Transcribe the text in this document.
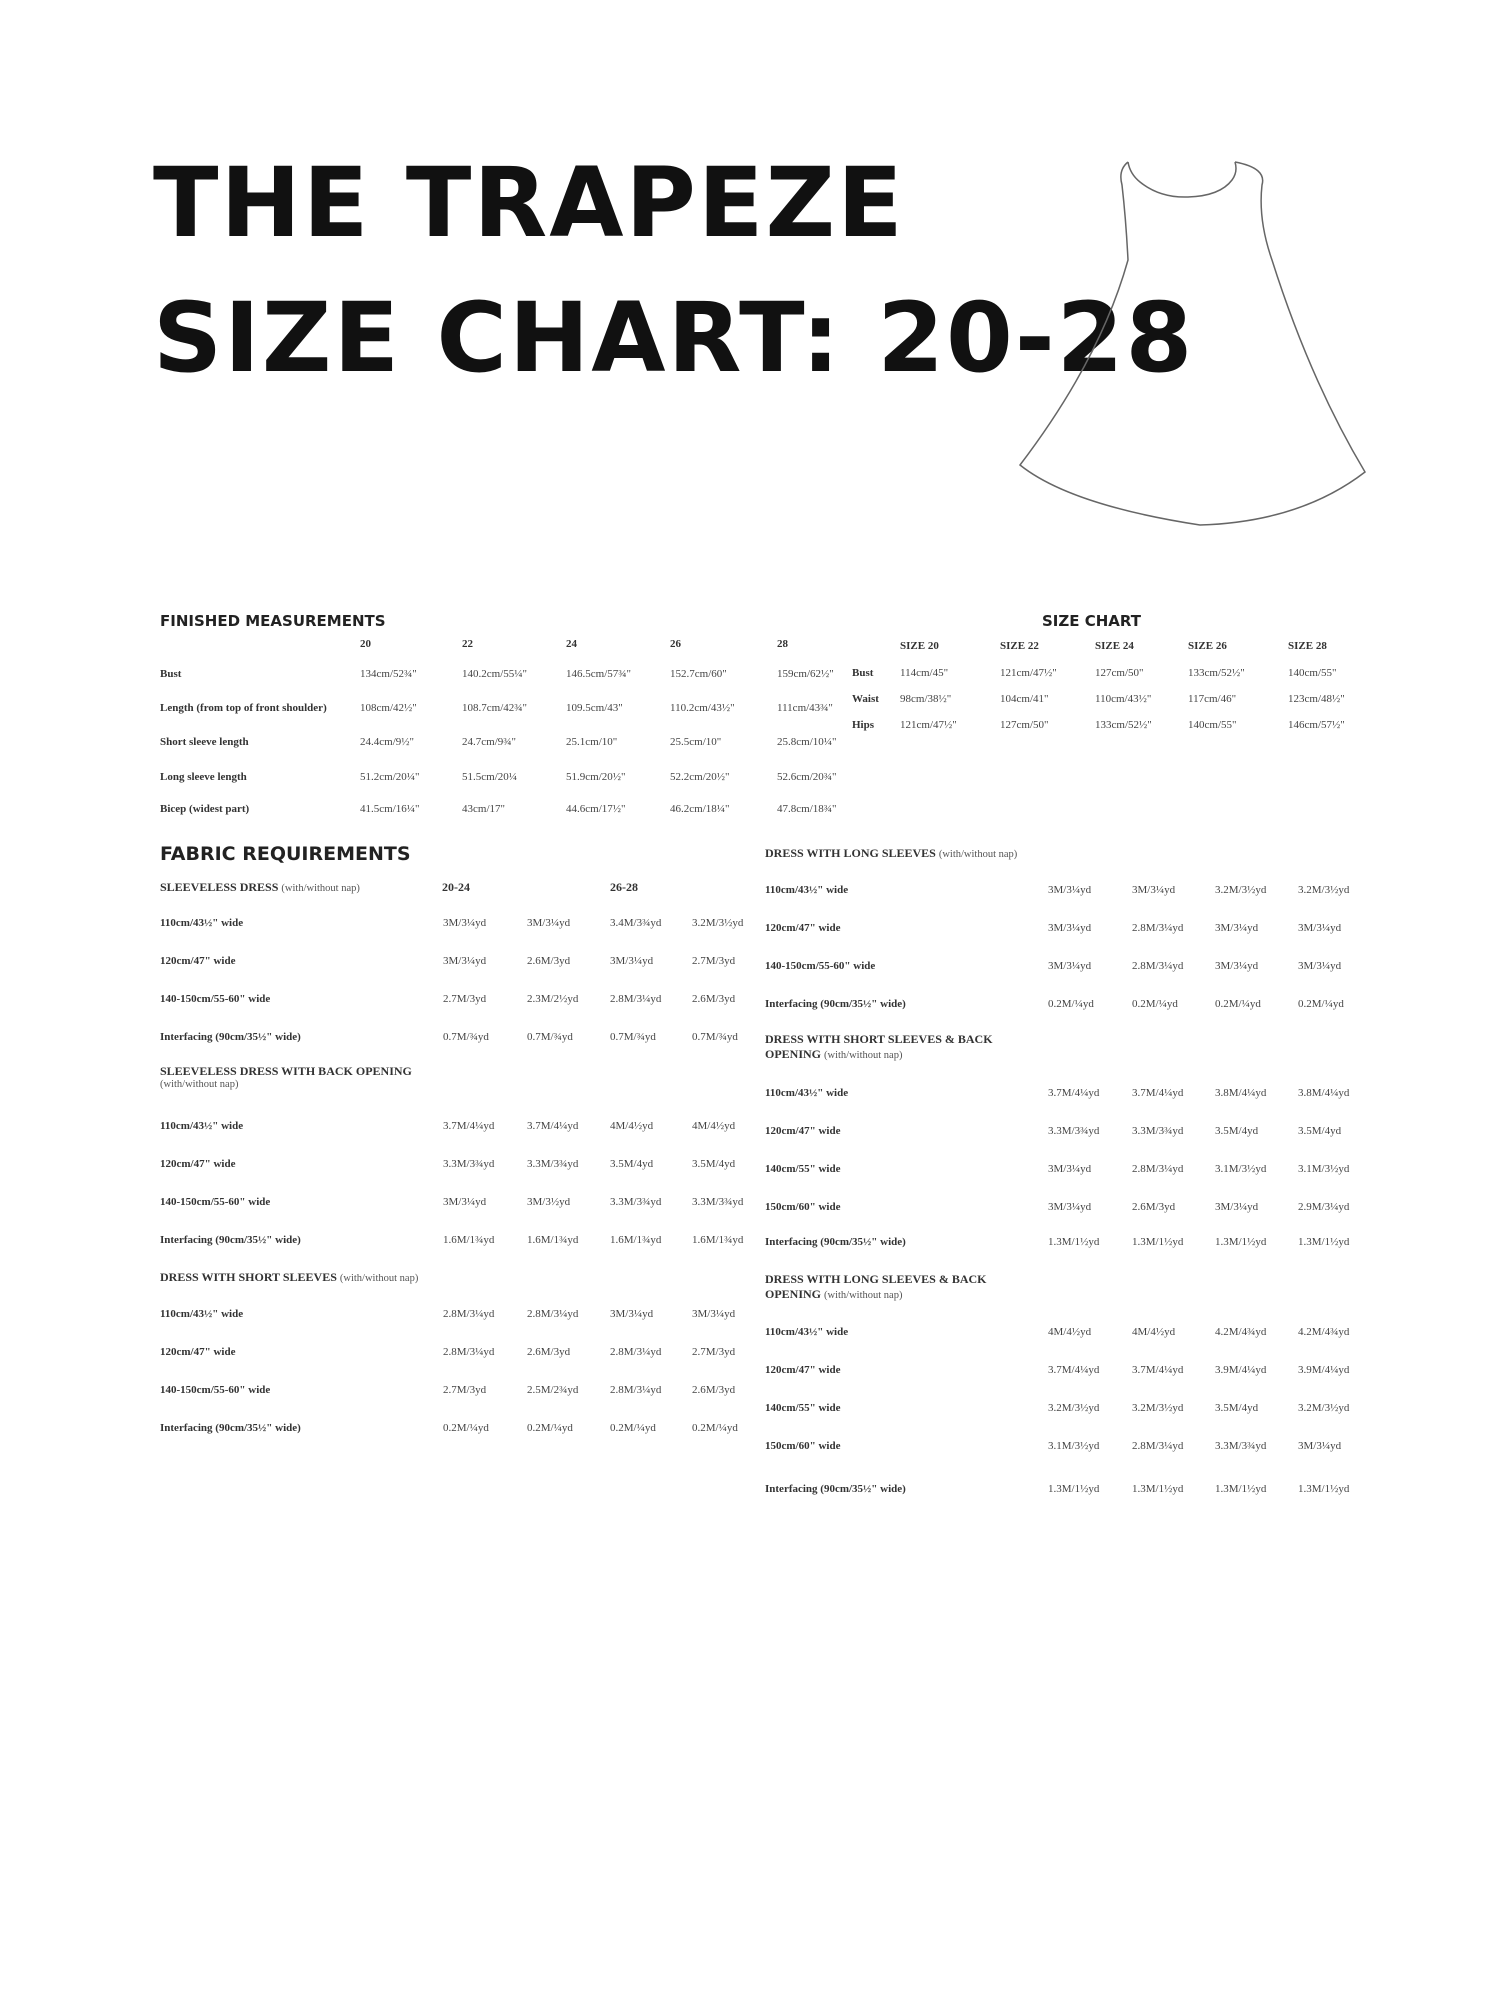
THE TRAPEZE
SIZE CHART: 20-28
FINISHED MEASUREMENTS
20	22	24	26	28
Bust	134cm/52¾"	140.2cm/55¼"	146.5cm/57¾"	152.7cm/60"	159cm/62½"
Length (from top of front shoulder)	108cm/42½"	108.7cm/42¾"	109.5cm/43"	110.2cm/43½"	111cm/43¾"
Short sleeve length	24.4cm/9½"	24.7cm/9¾"	25.1cm/10"	25.5cm/10"	25.8cm/10¼"
Long sleeve length	51.2cm/20¼"	51.5cm/20¼	51.9cm/20½"	52.2cm/20½"	52.6cm/20¾"
Bicep (widest part)	41.5cm/16¼"	43cm/17"	44.6cm/17½"	46.2cm/18¼"	47.8cm/18¾"
SIZE CHART
SIZE 20	SIZE 22	SIZE 24	SIZE 26	SIZE 28
Bust 114cm/45"	121cm/47½"	127cm/50"	133cm/52½"	140cm/55"
Waist 98cm/38½"	104cm/41"	110cm/43½"	117cm/46"	123cm/48½"
Hips 121cm/47½"	127cm/50"	133cm/52½"	140cm/55"	146cm/57½"
FABRIC REQUIREMENTS
SLEEVELESS DRESS (with/without nap)	20-24	26-28
110cm/43½" wide	3M/3¼yd	3M/3¼yd	3.4M/3¾yd	3.2M/3½yd
120cm/47" wide	3M/3¼yd	2.6M/3yd	3M/3¼yd	2.7M/3yd
140-150cm/55-60" wide	2.7M/3yd	2.3M/2½yd	2.8M/3¼yd	2.6M/3yd
Interfacing (90cm/35½" wide)	0.7M/¾yd	0.7M/¾yd	0.7M/¾yd	0.7M/¾yd
SLEEVELESS DRESS WITH BACK OPENING
(with/without nap)
110cm/43½" wide	3.7M/4¼yd	3.7M/4¼yd	4M/4½yd	4M/4½yd
120cm/47" wide	3.3M/3¾yd	3.3M/3¾yd	3.5M/4yd	3.5M/4yd
140-150cm/55-60" wide	3M/3¼yd	3M/3½yd	3.3M/3¾yd	3.3M/3¾yd
Interfacing (90cm/35½" wide)	1.6M/1¾yd	1.6M/1¾yd	1.6M/1¾yd	1.6M/1¾yd
DRESS WITH SHORT SLEEVES (with/without nap)
110cm/43½" wide	2.8M/3¼yd	2.8M/3¼yd	3M/3¼yd	3M/3¼yd
120cm/47" wide	2.8M/3¼yd	2.6M/3yd	2.8M/3¼yd	2.7M/3yd
140-150cm/55-60" wide	2.7M/3yd	2.5M/2¾yd	2.8M/3¼yd	2.6M/3yd
Interfacing (90cm/35½" wide)	0.2M/¼yd	0.2M/¼yd	0.2M/¼yd	0.2M/¼yd
DRESS WITH LONG SLEEVES (with/without nap)
110cm/43½" wide	3M/3¼yd	3M/3¼yd	3.2M/3½yd	3.2M/3½yd
120cm/47" wide	3M/3¼yd	2.8M/3¼yd	3M/3¼yd	3M/3¼yd
140-150cm/55-60" wide	3M/3¼yd	2.8M/3¼yd	3M/3¼yd	3M/3¼yd
Interfacing (90cm/35½" wide)	0.2M/¼yd	0.2M/¼yd	0.2M/¼yd	0.2M/¼yd
DRESS WITH SHORT SLEEVES & BACK
OPENING (with/without nap)
110cm/43½" wide	3.7M/4¼yd	3.7M/4¼yd	3.8M/4¼yd	3.8M/4¼yd
120cm/47" wide	3.3M/3¾yd	3.3M/3¾yd	3.5M/4yd	3.5M/4yd
140cm/55" wide	3M/3¼yd	2.8M/3¼yd	3.1M/3½yd	3.1M/3½yd
150cm/60" wide	3M/3¼yd	2.6M/3yd	3M/3¼yd	2.9M/3¼yd
Interfacing (90cm/35½" wide)	1.3M/1½yd	1.3M/1½yd	1.3M/1½yd	1.3M/1½yd
DRESS WITH LONG SLEEVES & BACK
OPENING (with/without nap)
110cm/43½" wide	4M/4½yd	4M/4½yd	4.2M/4¾yd	4.2M/4¾yd
120cm/47" wide	3.7M/4¼yd	3.7M/4¼yd	3.9M/4¼yd	3.9M/4¼yd
140cm/55" wide	3.2M/3½yd	3.2M/3½yd	3.5M/4yd	3.2M/3½yd
150cm/60" wide	3.1M/3½yd	2.8M/3¼yd	3.3M/3¾yd	3M/3¼yd
Interfacing (90cm/35½" wide)	1.3M/1½yd	1.3M/1½yd	1.3M/1½yd	1.3M/1½yd
